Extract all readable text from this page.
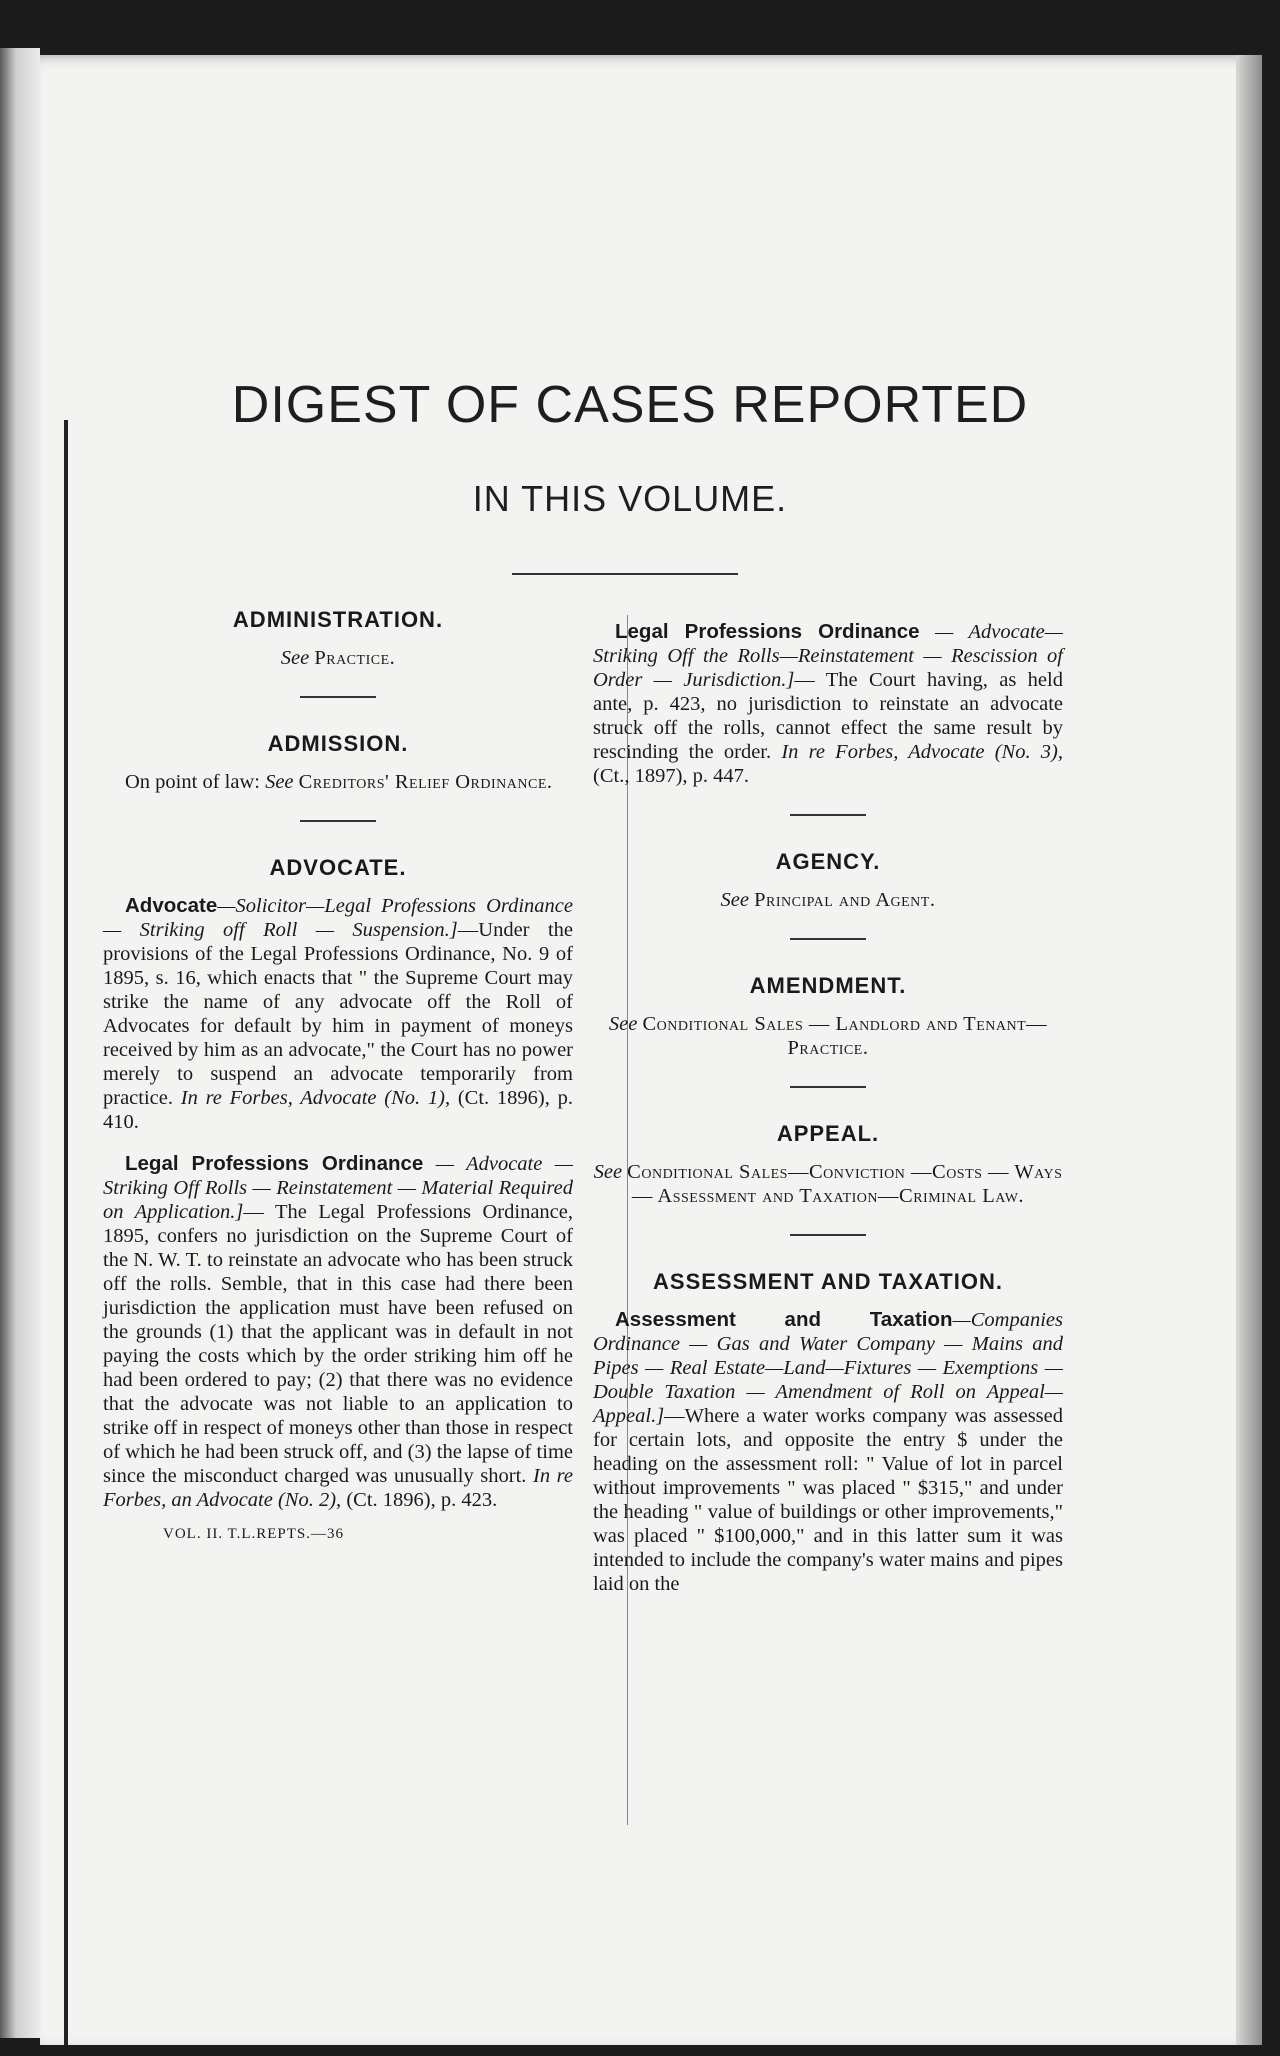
DIGEST OF CASES REPORTED
IN THIS VOLUME.
ADMINISTRATION.

See Practice.

ADMISSION.

On point of law: See Creditors' Relief Ordinance.

ADVOCATE.

Advocate—Solicitor—Legal Professions Ordinance — Striking off Roll — Suspension.]—Under the provisions of the Legal Professions Ordinance, No. 9 of 1895, s. 16, which enacts that " the Supreme Court may strike the name of any advocate off the Roll of Advocates for default by him in payment of moneys received by him as an advocate," the Court has no power merely to suspend an advocate temporarily from practice. In re Forbes, Advocate (No. 1), (Ct. 1896), p. 410.

Legal Professions Ordinance — Advocate — Striking Off Rolls — Reinstatement — Material Required on Application.]— The Legal Professions Ordinance, 1895, confers no jurisdiction on the Supreme Court of the N. W. T. to reinstate an advocate who has been struck off the rolls. Semble, that in this case had there been jurisdiction the application must have been refused on the grounds (1) that the applicant was in default in not paying the costs which by the order striking him off he had been ordered to pay; (2) that there was no evidence that the advocate was not liable to an application to strike off in respect of moneys other than those in respect of which he had been struck off, and (3) the lapse of time since the misconduct charged was unusually short. In re Forbes, an Advocate (No. 2), (Ct. 1896), p. 423.

VOL. II. T.L.REPTS.—36

Legal Professions Ordinance — Advocate—Striking Off the Rolls—Reinstatement — Rescission of Order — Jurisdiction.]— The Court having, as held ante, p. 423, no jurisdiction to reinstate an advocate struck off the rolls, cannot effect the same result by rescinding the order. In re Forbes, Advocate (No. 3), (Ct., 1897), p. 447.

AGENCY.

See Principal and Agent.

AMENDMENT.

See Conditional Sales — Landlord and Tenant—Practice.

APPEAL.

See Conditional Sales—Conviction —Costs — Ways — Assessment and Taxation—Criminal Law.

ASSESSMENT AND TAXATION.

Assessment and Taxation—Companies Ordinance — Gas and Water Company — Mains and Pipes — Real Estate—Land—Fixtures — Exemptions — Double Taxation — Amendment of Roll on Appeal—Appeal.]—Where a water works company was assessed for certain lots, and opposite the entry $ under the heading on the assessment roll: " Value of lot in parcel without improvements " was placed " $315," and under the heading " value of buildings or other improvements," was placed " $100,000," and in this latter sum it was intended to include the company's water mains and pipes laid on the
